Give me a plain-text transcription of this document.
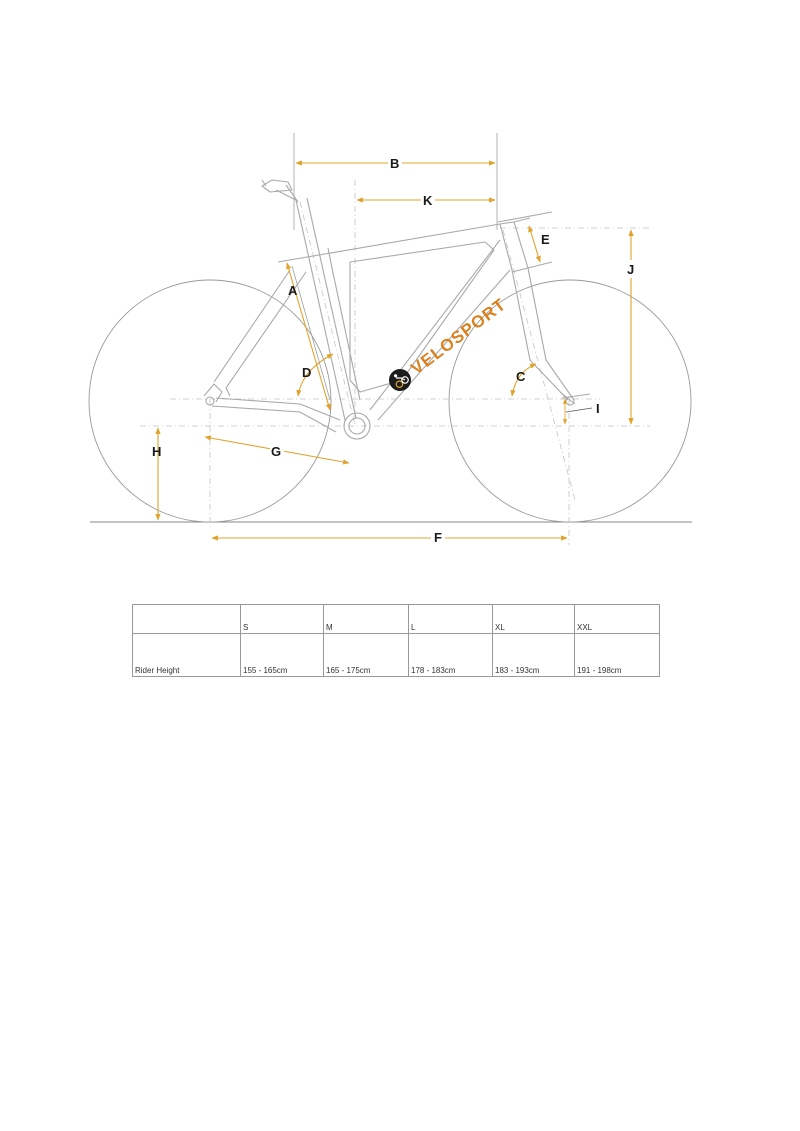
VELOSPORT
B
K
E
J
A
D	C
I
H	G
F
	S	M	L	XL	XXL
Rider Height	155 - 165cm	165 - 175cm	178 - 183cm	183 - 193cm	191 - 198cm
